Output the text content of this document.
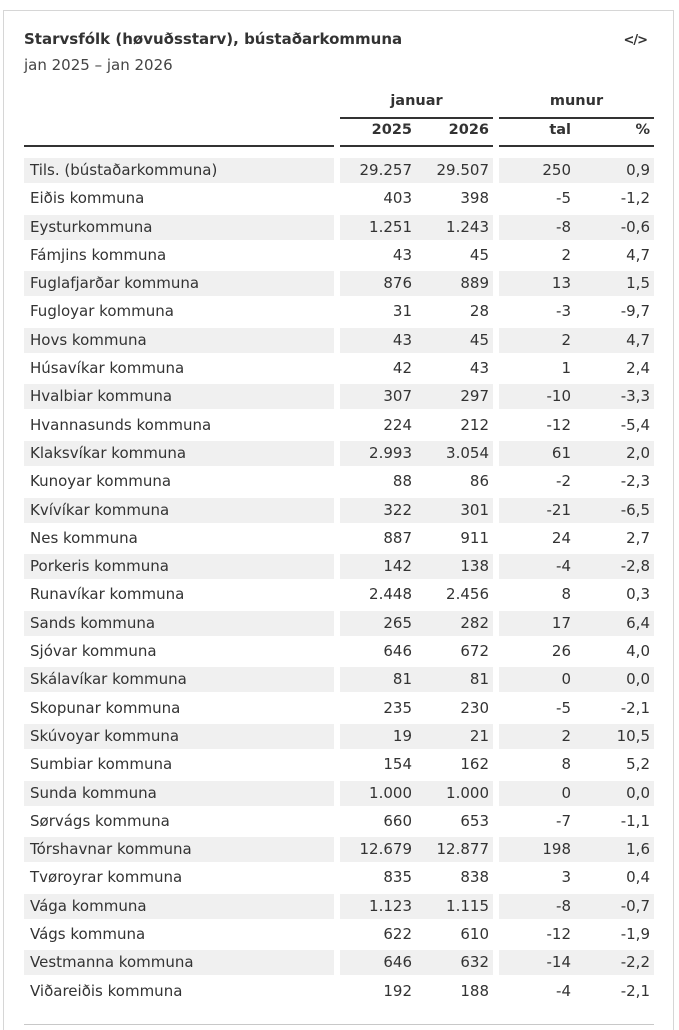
Starvsfólk (høvuðsstarv), bústaðarkommuna
jan 2025 – jan 2026
</>
januar	munur
2025	2026	tal	%
Tils. (bústaðarkommuna)	29.257	29.507	250	0,9
Eiðis kommuna	403	398	-5	-1,2
Eysturkommuna	1.251	1.243	-8	-0,6
Fámjins kommuna	43	45	2	4,7
Fuglafjarðar kommuna	876	889	13	1,5
Fugloyar kommuna	31	28	-3	-9,7
Hovs kommuna	43	45	2	4,7
Húsavíkar kommuna	42	43	1	2,4
Hvalbiar kommuna	307	297	-10	-3,3
Hvannasunds kommuna	224	212	-12	-5,4
Klaksvíkar kommuna	2.993	3.054	61	2,0
Kunoyar kommuna	88	86	-2	-2,3
Kvívíkar kommuna	322	301	-21	-6,5
Nes kommuna	887	911	24	2,7
Porkeris kommuna	142	138	-4	-2,8
Runavíkar kommuna	2.448	2.456	8	0,3
Sands kommuna	265	282	17	6,4
Sjóvar kommuna	646	672	26	4,0
Skálavíkar kommuna	81	81	0	0,0
Skopunar kommuna	235	230	-5	-2,1
Skúvoyar kommuna	19	21	2	10,5
Sumbiar kommuna	154	162	8	5,2
Sunda kommuna	1.000	1.000	0	0,0
Sørvágs kommuna	660	653	-7	-1,1
Tórshavnar kommuna	12.679	12.877	198	1,6
Tvøroyrar kommuna	835	838	3	0,4
Vága kommuna	1.123	1.115	-8	-0,7
Vágs kommuna	622	610	-12	-1,9
Vestmanna kommuna	646	632	-14	-2,2
Viðareiðis kommuna	192	188	-4	-2,1
